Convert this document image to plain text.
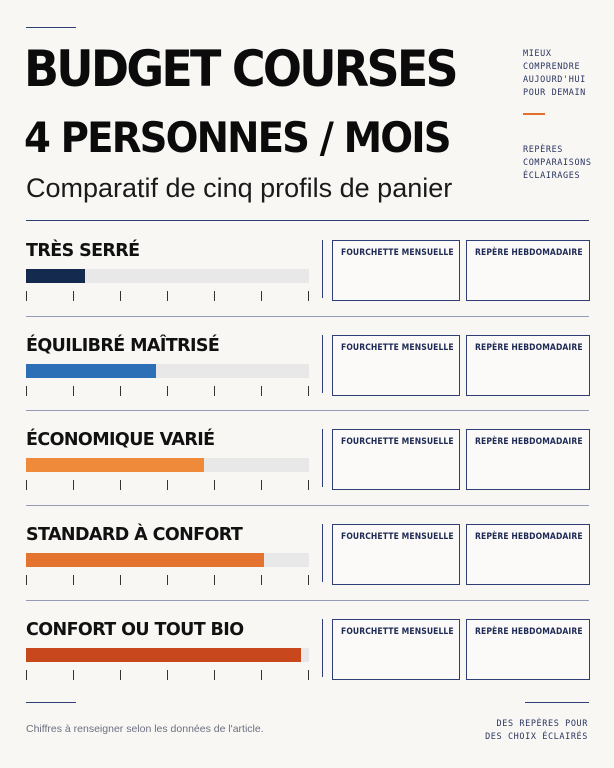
BUDGET COURSES
4 PERSONNES / MOIS
Comparatif de cinq profils de panier
MIEUX
COMPRENDRE
AUJOURD'HUI
POUR DEMAIN
REPÈRES
COMPARAISONS
ÉCLAIRAGES
TRÈS SERRÉ	FOURCHETTE MENSUELLE	REPÈRE HEBDOMADAIRE
ÉQUILIBRÉ MAÎTRISÉ	FOURCHETTE MENSUELLE	REPÈRE HEBDOMADAIRE
ÉCONOMIQUE VARIÉ	FOURCHETTE MENSUELLE	REPÈRE HEBDOMADAIRE
STANDARD À CONFORT	FOURCHETTE MENSUELLE	REPÈRE HEBDOMADAIRE
CONFORT OU TOUT BIO	FOURCHETTE MENSUELLE	REPÈRE HEBDOMADAIRE
Chiffres à renseigner selon les données de l'article.	DES REPÈRES POUR
DES CHOIX ÉCLAIRÉS
